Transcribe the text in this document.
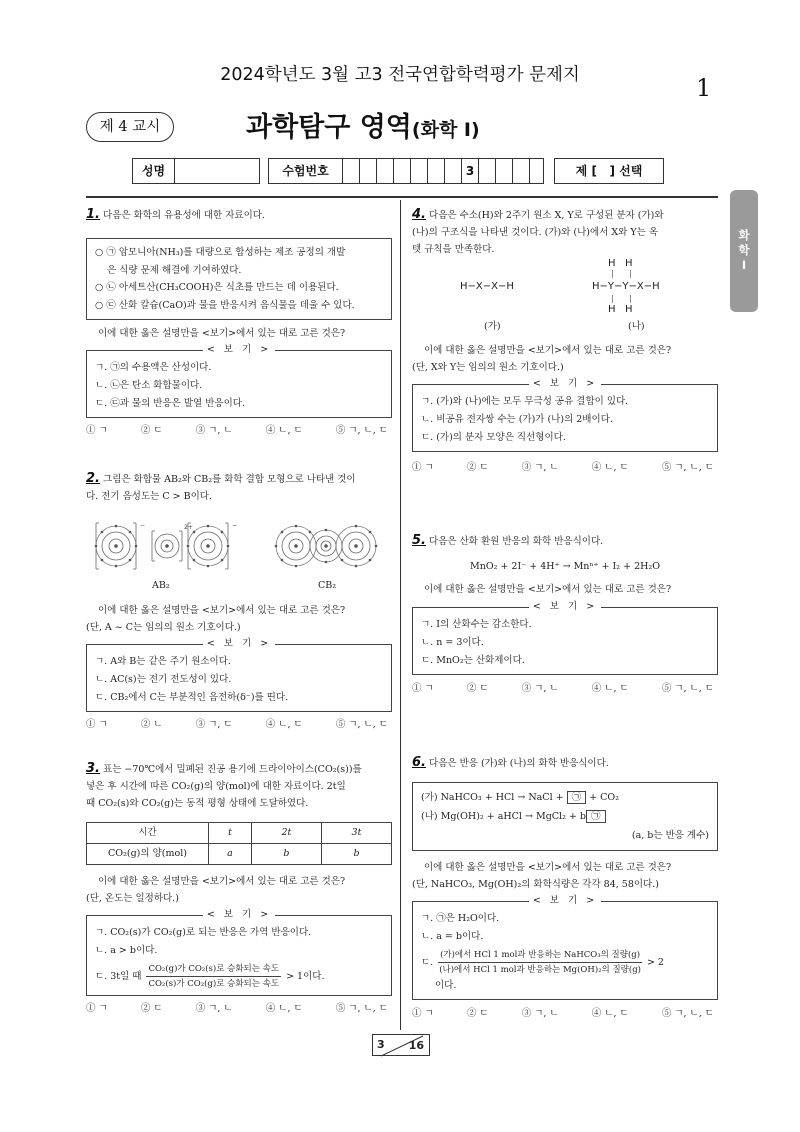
2024학년도 3월 고3 전국연합학력평가 문제지	1
제 4 교시	과학탐구 영역(화학 Ⅰ)
성명	수험번호	3	제 [   ] 선택
화
학
Ⅰ
1. 다음은 화학의 유용성에 대한 자료이다.
○ ㉠ 암모니아(NH₃)를 대량으로 합성하는 제조 공정의 개발
은 식량 문제 해결에 기여하였다.
○ ㉡ 아세트산(CH₃COOH)은 식초를 만드는 데 이용된다.
○ ㉢ 산화 칼슘(CaO)과 물을 반응시켜 음식물을 데울 수 있다.
이에 대한 옳은 설명만을 <보기>에서 있는 대로 고른 것은?
< 보 기 >
ㄱ. ㉠의 수용액은 산성이다.
ㄴ. ㉡은 탄소 화합물이다.
ㄷ. ㉢과 물의 반응은 발열 반응이다.
① ㄱ	② ㄷ	③ ㄱ, ㄴ	④ ㄴ, ㄷ	⑤ ㄱ, ㄴ, ㄷ
2. 그림은 화합물 AB₂와 CB₂를 화학 결합 모형으로 나타낸 것이
다. 전기 음성도는 C > B이다.
−	2+	−
AB₂	CB₂
이에 대한 옳은 설명만을 <보기>에서 있는 대로 고른 것은?
(단, A ~ C는 임의의 원소 기호이다.)
< 보 기 >
ㄱ. A와 B는 같은 주기 원소이다.
ㄴ. AC(s)는 전기 전도성이 있다.
ㄷ. CB₂에서 C는 부분적인 음전하(δ⁻)를 띤다.
① ㄱ	② ㄴ	③ ㄱ, ㄷ	④ ㄴ, ㄷ	⑤ ㄱ, ㄴ, ㄷ
3. 표는 −70℃에서 밀폐된 진공 용기에 드라이아이스(CO₂(s))를
넣은 후 시간에 따른 CO₂(g)의 양(mol)에 대한 자료이다. 2t일
때 CO₂(s)와 CO₂(g)는 동적 평형 상태에 도달하였다.
시간	t	2t	3t
CO₂(g)의 양(mol)	a	b	b
이에 대한 옳은 설명만을 <보기>에서 있는 대로 고른 것은?
(단, 온도는 일정하다.)
< 보 기 >
ㄱ. CO₂(s)가 CO₂(g)로 되는 반응은 가역 반응이다.
ㄴ. a > b이다.
ㄷ. 3t일 때
CO₂(g)가 CO₂(s)로 승화되는 속도
CO₂(s)가 CO₂(g)로 승화되는 속도
> 1이다.
① ㄱ	② ㄷ	③ ㄱ, ㄴ	④ ㄴ, ㄷ	⑤ ㄱ, ㄴ, ㄷ
4. 다음은 수소(H)와 2주기 원소 X, Y로 구성된 분자 (가)와
(나)의 구조식을 나타낸 것이다. (가)와 (나)에서 X와 Y는 옥
텟 규칙을 만족한다.
H   H
|      |
H−X−X−H	H−Y−Y−X−H
|      |
H   H
(가)	(나)
이에 대한 옳은 설명만을 <보기>에서 있는 대로 고른 것은?
(단, X와 Y는 임의의 원소 기호이다.)
< 보 기 >
ㄱ. (가)와 (나)에는 모두 무극성 공유 결합이 있다.
ㄴ. 비공유 전자쌍 수는 (가)가 (나)의 2배이다.
ㄷ. (가)의 분자 모양은 직선형이다.
① ㄱ	② ㄷ	③ ㄱ, ㄴ	④ ㄴ, ㄷ	⑤ ㄱ, ㄴ, ㄷ
5. 다음은 산화 환원 반응의 화학 반응식이다.
MnO₂ + 2I⁻ + 4H⁺ → Mnⁿ⁺ + I₂ + 2H₂O
이에 대한 옳은 설명만을 <보기>에서 있는 대로 고른 것은?
< 보 기 >
ㄱ. I의 산화수는 감소한다.
ㄴ. n = 3이다.
ㄷ. MnO₂는 산화제이다.
① ㄱ	② ㄷ	③ ㄱ, ㄴ	④ ㄴ, ㄷ	⑤ ㄱ, ㄴ, ㄷ
6. 다음은 반응 (가)와 (나)의 화학 반응식이다.
(가) NaHCO₃ + HCl → NaCl + ㉠ + CO₂
(나) Mg(OH)₂ + aHCl → MgCl₂ + b ㉠
(a, b는 반응 계수)
이에 대한 옳은 설명만을 <보기>에서 있는 대로 고른 것은?
(단, NaHCO₃, Mg(OH)₂의 화학식량은 각각 84, 58이다.)
< 보 기 >
ㄱ. ㉠은 H₂O이다.
ㄴ. a = b이다.
ㄷ.
(가)에서 HCl 1 mol과 반응하는 NaHCO₃의 질량(g)
(나)에서 HCl 1 mol과 반응하는 Mg(OH)₂의 질량(g)
> 2
이다.
① ㄱ	② ㄷ	③ ㄱ, ㄴ	④ ㄴ, ㄷ	⑤ ㄱ, ㄴ, ㄷ
3 16
